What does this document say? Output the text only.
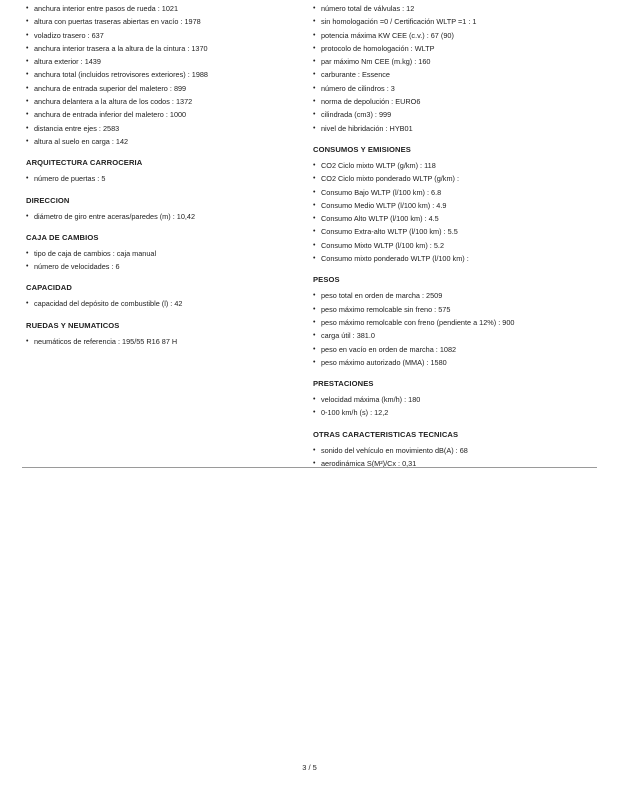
• anchura interior entre pasos de rueda : 1021
• altura con puertas traseras abiertas en vacío : 1978
• voladizo trasero : 637
• anchura interior trasera a la altura de la cintura : 1370
• altura exterior : 1439
• anchura total (incluidos retrovisores exteriores) : 1988
• anchura de entrada superior del maletero : 899
• anchura delantera a la altura de los codos : 1372
• anchura de entrada inferior del maletero : 1000
• distancia entre ejes : 2583
• altura al suelo en carga : 142
ARQUITECTURA CARROCERIA
• número de puertas : 5
DIRECCION
• diámetro de giro entre aceras/paredes (m) : 10,42
CAJA DE CAMBIOS
• tipo de caja de cambios : caja manual
• número de velocidades : 6
CAPACIDAD
• capacidad del depósito de combustible (l) : 42
RUEDAS Y NEUMATICOS
• neumáticos de referencia : 195/55 R16 87 H
• número total de válvulas : 12
• sin homologación =0 / Certificación WLTP =1 : 1
• potencia máxima KW CEE (c.v.) : 67 (90)
• protocolo de homologación : WLTP
• par máximo Nm CEE (m.kg) : 160
• carburante : Essence
• número de cilindros : 3
• norma de depolución : EURO6
• cilindrada (cm3) : 999
• nivel de hibridación : HYB01
CONSUMOS Y EMISIONES
• CO2 Ciclo mixto WLTP (g/km) : 118
• CO2 Ciclo mixto ponderado WLTP (g/km) :
• Consumo Bajo WLTP (l/100 km) : 6.8
• Consumo Medio WLTP (l/100 km) : 4.9
• Consumo Alto WLTP (l/100 km) : 4.5
• Consumo Extra-alto WLTP (l/100 km) : 5.5
• Consumo Mixto WLTP (l/100 km) : 5.2
• Consumo mixto ponderado WLTP (l/100 km) :
PESOS
• peso total en orden de marcha : 2509
• peso máximo remolcable sin freno : 575
• peso máximo remolcable con freno (pendiente a 12%) : 900
• carga útil : 381.0
• peso en vacío en orden de marcha : 1082
• peso máximo autorizado (MMA) : 1580
PRESTACIONES
• velocidad máxima (km/h) : 180
• 0-100 km/h (s) : 12,2
OTRAS CARACTERISTICAS TECNICAS
• sonido del vehículo en movimiento dB(A) : 68
• aerodinámica S(M²)/Cx : 0,31
3 / 5
